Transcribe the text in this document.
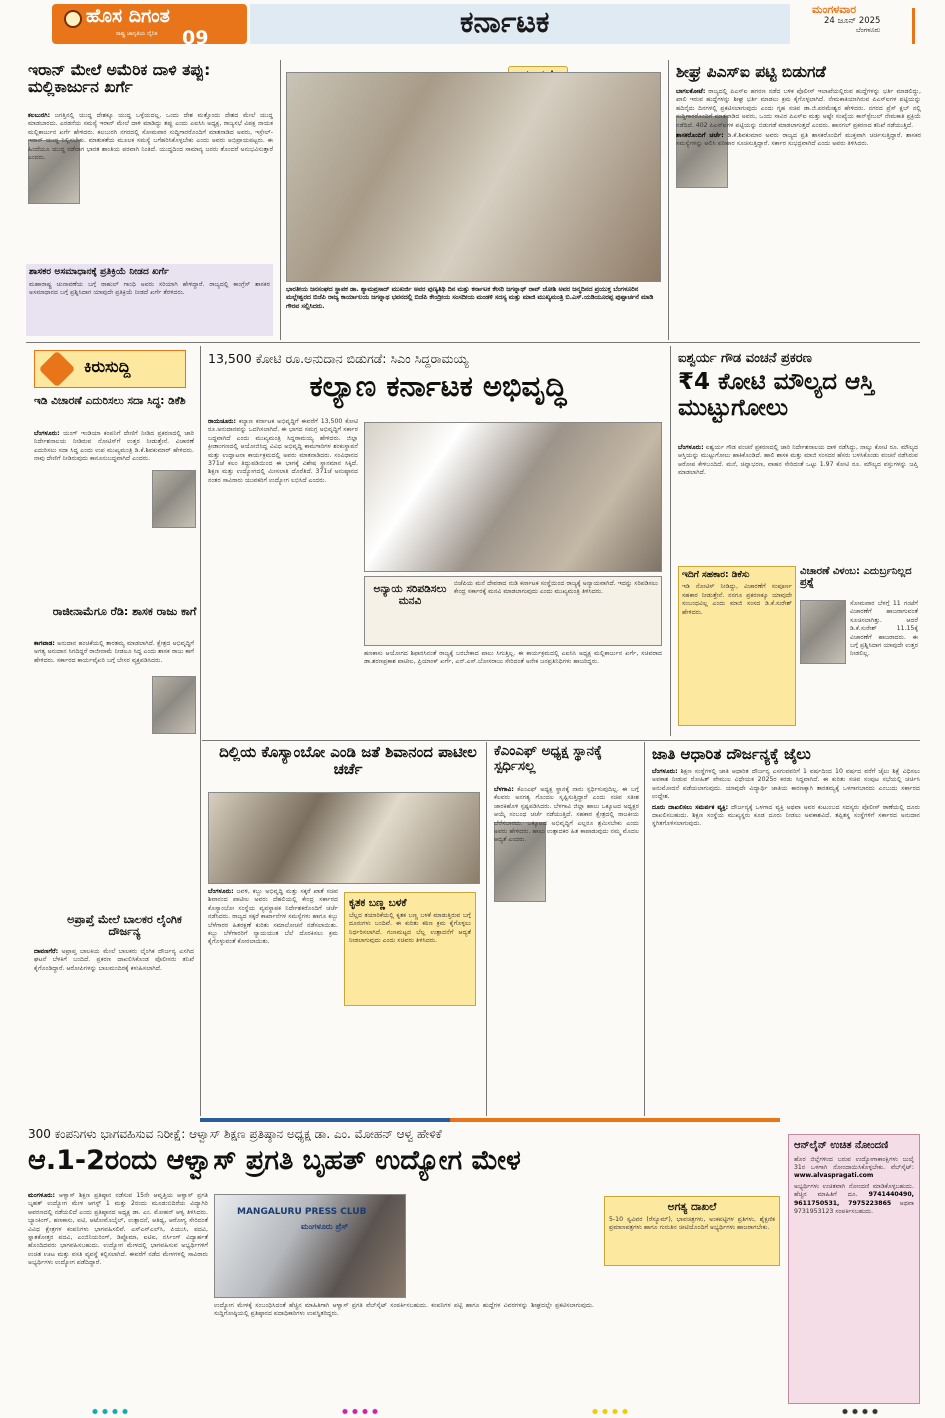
ಹೊಸ ದಿಗಂತ
ರಾಷ್ಟ್ರ ಜಾಗೃತಿಯ ದೈನಿಕ 09	ಕರ್ನಾಟಕ	ಮಂಗಳವಾರ
24 ಜೂನ್ 2025
ಬೆಂಗಳೂರು
ಇರಾನ್ ಮೇಲೆ ಅಮೆರಿಕ ದಾಳಿ ತಪ್ಪು: ಮಲ್ಲಿಕಾರ್ಜುನ ಖರ್ಗೆ

ಕಲಬುರಗಿ: ಜಗತ್ತಿನಲ್ಲಿ ಯುದ್ಧ ದೇಶಕ್ಕೂ ಯುದ್ಧ ಒಳ್ಳೆಯದಲ್ಲ. ಒಂದು ದೇಶ ಮತ್ತೊಂದು ದೇಶದ ಮೇಲೆ ಯುದ್ಧ ಮಾಡಬಾರದು. ಎರಡನೆಯ ಸಮಸ್ಯೆ ಇರಾನ್ ಮೇಲೆ ದಾಳಿ ಮಾಡಿದ್ದು ತಪ್ಪು ಎಂದು ಎಐಸಿಸಿ ಅಧ್ಯಕ್ಷ, ರಾಜ್ಯಸಭೆ ವಿಪಕ್ಷ ನಾಯಕ ಮಲ್ಲಿಕಾರ್ಜುನ ಖರ್ಗೆ ಹೇಳಿದರು. ಕಲಬುರಗಿ ನಗರದಲ್ಲಿ ಸೋಮವಾರ ಸುದ್ದಿಗಾರರೊಂದಿಗೆ ಮಾತನಾಡಿದ ಅವರು, ಇಸ್ರೇಲ್-ಇರಾನ್ ಯುದ್ಧ ನಿಲ್ಲಿಸಬೇಕು. ಮಾತುಕತೆಯ ಮೂಲಕ ಸಮಸ್ಯೆ ಬಗೆಹರಿಸಿಕೊಳ್ಳಬೇಕು ಎಂದು ಅವರು ಅಭಿಪ್ರಾಯಪಟ್ಟರು. ಈ ಹಿಂದೆಯೂ ಯುದ್ಧ ನಡೆದಾಗ ಭಾರತ ಶಾಂತಿಯ ಪರವಾಗಿ ನಿಂತಿದೆ. ಯುದ್ಧದಿಂದ ಸಾಮಾನ್ಯ ಜನರು ತೊಂದರೆ ಅನುಭವಿಸುತ್ತಾರೆ ಎಂದರು.

ಶಾಸಕರ ಅಸಮಾಧಾನಕ್ಕೆ ಪ್ರತಿಕ್ರಿಯೆ ನೀಡದ ಖರ್ಗೆ
ಮಹಾರಾಷ್ಟ್ರ ಚುನಾವಣೆಯ ಬಗ್ಗೆ ರಾಹುಲ್ ಗಾಂಧಿ ಅವರು ಸರಿಯಾಗಿ ಹೇಳಿದ್ದಾರೆ. ರಾಜ್ಯದಲ್ಲಿ ಕಾಂಗ್ರೆಸ್ ಶಾಸಕರ ಅಸಮಾಧಾನದ ಬಗ್ಗೆ ಪ್ರಶ್ನಿಸಿದಾಗ ಯಾವುದೇ ಪ್ರತಿಕ್ರಿಯೆ ನೀಡದೆ ಖರ್ಗೆ ತೆರಳಿದರು.	ಭಾರತೀಯ ಜನಸಂಘದ ಸ್ಥಾಪಕ ಡಾ. ಶ್ಯಾಮಪ್ರಸಾದ್ ಮುಖರ್ಜಿ ಅವರ ಪುಣ್ಯತಿಥಿ ದಿನ ಮತ್ತು ಕರ್ನಾಟಕ ಕೇಸರಿ ಜಗನ್ನಾಥ್ ರಾವ್ ಜೋಶಿ ಅವರ ಜನ್ಮದಿನದ ಪ್ರಯುಕ್ತ ಬೆಂಗಳೂರಿನ ಮಲ್ಲೇಶ್ವರದ ಬಿಜೆಪಿ ರಾಜ್ಯ ಕಾರ್ಯಾಲಯ ಜಗನ್ನಾಥ ಭವನದಲ್ಲಿ ಬಿಜೆಪಿ ಕೇಂದ್ರೀಯ ಸಂಸದೀಯ ಮಂಡಳಿ ಸದಸ್ಯ ಮತ್ತು ಮಾಜಿ ಮುಖ್ಯಮಂತ್ರಿ ಬಿ.ಎಸ್.ಯಡಿಯೂರಪ್ಪ ಪುಷ್ಪಾರ್ಚನೆ ಮಾಡಿ ಗೌರವ ಸಲ್ಲಿಸಿದರು.
ಶೀಘ್ರ ಪಿಎಸ್‌ಐ ಪಟ್ಟಿ ಬಿಡುಗಡೆ

ಬಾಗಲಕೋಟೆ: ರಾಜ್ಯದಲ್ಲಿ ಪಿಎಸ್‌ಐ ಹಗರಣ ನಡೆದ ಬಳಿಕ ಪೊಲೀಸ್ ಇಲಾಖೆಯಲ್ಲಿರುವ ಹುದ್ದೆಗಳನ್ನು ಭರ್ತಿ ಮಾಡಲಿದ್ದು, ಖಾಲಿ ಇರುವ ಹುದ್ದೆಗಳನ್ನು ಶೀಘ್ರ ಭರ್ತಿ ಮಾಡಲು ಕ್ರಮ ಕೈಗೊಳ್ಳಲಾಗಿದೆ. ನೇಮಕಾತಿಯಾಗಿರುವ ಪಿಎಸ್‌ಐಗಳ ಪಟ್ಟಿಯನ್ನು ಹದಿನೈದು ದಿನಗಳಲ್ಲಿ ಪ್ರಕಟಿಸಲಾಗುವುದು ಎಂದು ಗೃಹ ಸಚಿವ ಡಾ.ಜಿ.ಪರಮೇಶ್ವರ ಹೇಳಿದರು. ನಗರದ ಪ್ರೆಸ್ ಕ್ಲಬ್ ನಲ್ಲಿ ಸುದ್ದಿಗಾರರೊಂದಿಗೆ ಮಾತನಾಡಿದ ಅವರು, ಒಂದು ಸಾವಿರ ಪಿಎಸ್‌ಐ ಮತ್ತು ಅಷ್ಟೇ ಸಂಖ್ಯೆಯ ಕಾನ್‌ಸ್ಟೇಬಲ್ ನೇಮಕಾತಿ ಪ್ರಕ್ರಿಯೆ ನಡೆದಿದೆ. 402 ಪಿಎಸ್‌ಐಗಳ ಪಟ್ಟಿಯನ್ನು ಬಿಡುಗಡೆ ಮಾಡಲಾಗುತ್ತದೆ ಎಂದರು. ಹಾನಗಲ್ ಪ್ರಕರಣದ ತನಿಖೆ ನಡೆಯುತ್ತಿದೆ.

ಶಾಸಕರೊಂದಿಗೆ ಚರ್ಚೆ: ಡಿ.ಕೆ.ಶಿವಕುಮಾರ ಅವರು ರಾಜ್ಯದ ಪ್ರತಿ ಶಾಸಕರೊಂದಿಗೆ ಮುಕ್ತವಾಗಿ ಚರ್ಚಿಸುತ್ತಿದ್ದಾರೆ. ಶಾಸಕರ ಸಮಸ್ಯೆಗಳನ್ನು ಆಲಿಸಿ ಪರಿಹಾರ ಸೂಚಿಸುತ್ತಿದ್ದಾರೆ. ಸರ್ಕಾರ ಸುಭದ್ರವಾಗಿದೆ ಎಂದು ಅವರು ತಿಳಿಸಿದರು.

ಕಿರುಸುದ್ದಿ
ಇಡಿ ವಿಚಾರಣೆ ಎದುರಿಸಲು ಸದಾ ಸಿದ್ಧ: ಡಿಕೆಶಿ

ಬೆಂಗಳೂರು: ಯಂಗ್ ಇಂಡಿಯಾ ಕಂಪನಿಗೆ ದೇಣಿಗೆ ನೀಡಿದ ಪ್ರಕರಣದಲ್ಲಿ ಜಾರಿ ನಿರ್ದೇಶನಾಲಯ ನೀಡಿರುವ ನೋಟಿಸ್‌ಗೆ ಉತ್ತರ ನೀಡುತ್ತೇನೆ. ವಿಚಾರಣೆ ಎದುರಿಸಲು ಸದಾ ಸಿದ್ಧ ಎಂದು ಉಪ ಮುಖ್ಯಮಂತ್ರಿ ಡಿ.ಕೆ.ಶಿವಕುಮಾರ್ ಹೇಳಿದರು. ನಾವು ದೇಣಿಗೆ ನೀಡಿರುವುದು ಕಾನೂನುಬದ್ಧವಾಗಿದೆ ಎಂದರು.

ರಾಜೀನಾಮೆಗೂ ರೆಡಿ: ಶಾಸಕ ರಾಜು ಕಾಗೆ

ಕಾಗವಾಡ: ಅನುದಾನ ಹಂಚಿಕೆಯಲ್ಲಿ ತಾರತಮ್ಯ ಮಾಡಲಾಗಿದೆ. ಕ್ಷೇತ್ರದ ಅಭಿವೃದ್ಧಿಗೆ ಅಗತ್ಯ ಅನುದಾನ ಸಿಗದಿದ್ದರೆ ರಾಜೀನಾಮೆ ನೀಡಲೂ ಸಿದ್ಧ ಎಂದು ಶಾಸಕ ರಾಜು ಕಾಗೆ ಹೇಳಿದರು. ಸರ್ಕಾರದ ಕಾರ್ಯವೈಖರಿ ಬಗ್ಗೆ ಬೇಸರ ವ್ಯಕ್ತಪಡಿಸಿದರು.

ಅಪ್ರಾಪ್ತೆ ಮೇಲೆ ಬಾಲಕರ ಲೈಂಗಿಕ ದೌರ್ಜನ್ಯ

ದಾವಣಗೆರೆ: ಅಪ್ರಾಪ್ತ ಬಾಲಕಿಯ ಮೇಲೆ ಬಾಲಕರು ಲೈಂಗಿಕ ದೌರ್ಜನ್ಯ ಎಸಗಿದ ಘಟನೆ ಬೆಳಕಿಗೆ ಬಂದಿದೆ. ಪ್ರಕರಣ ದಾಖಲಿಸಿಕೊಂಡ ಪೊಲೀಸರು ತನಿಖೆ ಕೈಗೊಂಡಿದ್ದಾರೆ. ಆರೋಪಿಗಳನ್ನು ಬಾಲಮಂದಿರಕ್ಕೆ ಕಳುಹಿಸಲಾಗಿದೆ.

13,500 ಕೋಟಿ ರೂ.ಅನುದಾನ ಬಿಡುಗಡೆ: ಸಿಎಂ ಸಿದ್ದರಾಮಯ್ಯ
ಕಲ್ಯಾಣ ಕರ್ನಾಟಕ ಅಭಿವೃದ್ಧಿ

ರಾಯಚೂರು: ಕಲ್ಯಾಣ ಕರ್ನಾಟಕ ಅಭಿವೃದ್ಧಿಗೆ ಈವರೆಗೆ 13,500 ಕೋಟಿ ರೂ.ಅನುದಾನವನ್ನು ಒದಗಿಸಲಾಗಿದೆ. ಈ ಭಾಗದ ಸಮಗ್ರ ಅಭಿವೃದ್ಧಿಗೆ ಸರ್ಕಾರ ಬದ್ಧವಾಗಿದೆ ಎಂದು ಮುಖ್ಯಮಂತ್ರಿ ಸಿದ್ದರಾಮಯ್ಯ ಹೇಳಿದರು. ಜಿಲ್ಲಾ ಕ್ರೀಡಾಂಗಣದಲ್ಲಿ ಆಯೋಜಿಸಿದ್ದ ವಿವಿಧ ಅಭಿವೃದ್ಧಿ ಕಾಮಗಾರಿಗಳ ಶಂಕುಸ್ಥಾಪನೆ ಮತ್ತು ಉದ್ಘಾಟನಾ ಕಾರ್ಯಕ್ರಮದಲ್ಲಿ ಅವರು ಮಾತನಾಡಿದರು. ಸಂವಿಧಾನದ 371ಜೆ ಕಲಂ ತಿದ್ದುಪಡಿಯಿಂದ ಈ ಭಾಗಕ್ಕೆ ವಿಶೇಷ ಸ್ಥಾನಮಾನ ಸಿಕ್ಕಿದೆ. ಶಿಕ್ಷಣ ಮತ್ತು ಉದ್ಯೋಗದಲ್ಲಿ ಮೀಸಲಾತಿ ದೊರೆತಿದೆ. 371ಜೆ ಅನುಷ್ಠಾನದ ನಂತರ ಸಾವಿರಾರು ಯುವಕರಿಗೆ ಉದ್ಯೋಗ ಲಭಿಸಿದೆ ಎಂದರು.

ಅನ್ಯಾಯ ಸರಿಪಡಿಸಲು ಮನವಿ
ಬಿಜೆಪಿಯ ಮನೆ ದೇವರಾದ ನುಡಿ ಕರ್ನಾಟಕ ಸಂಸ್ಥೆಯಿಂದ ರಾಜ್ಯಕ್ಕೆ ಅನ್ಯಾಯವಾಗಿದೆ. ಇದನ್ನು ಸರಿಪಡಿಸಲು ಕೇಂದ್ರ ಸರ್ಕಾರಕ್ಕೆ ಮನವಿ ಮಾಡಲಾಗುವುದು ಎಂದು ಮುಖ್ಯಮಂತ್ರಿ ತಿಳಿಸಿದರು.
ಹಣಕಾಸು ಆಯೋಗದ ಶಿಫಾರಸಿನಂತೆ ರಾಜ್ಯಕ್ಕೆ ಬರಬೇಕಾದ ಪಾಲು ಸಿಗುತ್ತಿಲ್ಲ. ಈ ಕಾರ್ಯಕ್ರಮದಲ್ಲಿ ಎಐಸಿಸಿ ಅಧ್ಯಕ್ಷ ಮಲ್ಲಿಕಾರ್ಜುನ ಖರ್ಗೆ, ಸಚಿವರಾದ ಡಾ.ಶರಣಪ್ರಕಾಶ ಪಾಟೀಲ, ಪ್ರಿಯಾಂಕ್ ಖರ್ಗೆ, ಎನ್.ಎಸ್.ಬೋಸರಾಜು ಸೇರಿದಂತೆ ಅನೇಕ ಜನಪ್ರತಿನಿಧಿಗಳು ಹಾಜರಿದ್ದರು.
ಐಶ್ವರ್ಯ ಗೌಡ ವಂಚನೆ ಪ್ರಕರಣ
₹4 ಕೋಟಿ ಮೌಲ್ಯದ ಆಸ್ತಿ ಮುಟ್ಟುಗೋಲು

ಬೆಂಗಳೂರು: ಐಶ್ವರ್ಯ ಗೌಡ ವಂಚನೆ ಪ್ರಕರಣದಲ್ಲಿ ಜಾರಿ ನಿರ್ದೇಶನಾಲಯ ದಾಳಿ ನಡೆಸಿದ್ದು, ನಾಲ್ಕು ಕೋಟಿ ರೂ. ಮೌಲ್ಯದ ಆಸ್ತಿಯನ್ನು ಮುಟ್ಟುಗೋಲು ಹಾಕಿಕೊಂಡಿದೆ. ಹಾಲಿ ಶಾಸಕ ಮತ್ತು ಮಾಜಿ ಸಂಸದರ ಹೆಸರು ಬಳಸಿಕೊಂಡು ವಂಚನೆ ನಡೆಸಿರುವ ಆರೋಪ ಕೇಳಿಬಂದಿದೆ. ಮನೆ, ಚಿನ್ನಾಭರಣ, ವಾಹನ ಸೇರಿದಂತೆ ಒಟ್ಟು 1.97 ಕೋಟಿ ರೂ. ಮೌಲ್ಯದ ವಸ್ತುಗಳನ್ನು ಜಪ್ತಿ ಮಾಡಲಾಗಿದೆ.

ಇದಿಗೆ ಸಹಕಾರ: ಡಿಕೆಸು
ಇಡಿ ನೋಟಿಸ್ ನೀಡಿದ್ದು, ವಿಚಾರಣೆಗೆ ಸಂಪೂರ್ಣ ಸಹಕಾರ ನೀಡುತ್ತೇನೆ. ನನಗೂ ಪ್ರಕರಣಕ್ಕೂ ಯಾವುದೇ ಸಂಬಂಧವಿಲ್ಲ ಎಂದು ಮಾಜಿ ಸಂಸದ ಡಿ.ಕೆ.ಸುರೇಶ್ ಹೇಳಿದರು.
ವಿಚಾರಣೆ ವಿಳಂಬ: ಎದುರ್ಬ್ರನಿಲ್ಲದ ಪ್ರಶ್ನೆ
ಸೋಮವಾರ ಬೆಳಗ್ಗೆ 11 ಗಂಟೆಗೆ ವಿಚಾರಣೆಗೆ ಹಾಜರಾಗುವಂತೆ ಸೂಚಿಸಲಾಗಿತ್ತು. ಆದರೆ ಡಿ.ಕೆ.ಸುರೇಶ್ 11.15ಕ್ಕೆ ವಿಚಾರಣೆಗೆ ಹಾಜರಾದರು. ಈ ಬಗ್ಗೆ ಪ್ರಶ್ನಿಸಿದಾಗ ಯಾವುದೇ ಉತ್ತರ ನೀಡಲಿಲ್ಲ.
ದಿಲ್ಲಿಯ ಕೊಸ್ಯಾಂಬೋ ಎಂಡಿ ಜತೆ ಶಿವಾನಂದ ಪಾಟೀಲ ಚರ್ಚೆ

ಬೆಂಗಳೂರು: ಜವಳಿ, ಕಬ್ಬು ಅಭಿವೃದ್ಧಿ ಮತ್ತು ಸಕ್ಕರೆ ಖಾತೆ ಸಚಿವ ಶಿವಾನಂದ ಪಾಟೀಲ ಅವರು ದೆಹಲಿಯಲ್ಲಿ ಕೇಂದ್ರ ಸರ್ಕಾರದ ಕೊಸ್ಯಾಂಬೋ ಸಂಸ್ಥೆಯ ವ್ಯವಸ್ಥಾಪಕ ನಿರ್ದೇಶಕರೊಂದಿಗೆ ಚರ್ಚೆ ನಡೆಸಿದರು. ರಾಜ್ಯದ ಸಕ್ಕರೆ ಕಾರ್ಖಾನೆಗಳ ಸಮಸ್ಯೆಗಳು ಹಾಗೂ ಕಬ್ಬು ಬೆಳೆಗಾರರ ಹಿತರಕ್ಷಣೆ ಕುರಿತು ಸಮಾಲೋಚನೆ ನಡೆಸಲಾಯಿತು. ಕಬ್ಬು ಬೆಳೆಗಾರರಿಗೆ ನ್ಯಾಯಯುತ ಬೆಲೆ ದೊರಕಿಸಲು ಕ್ರಮ ಕೈಗೊಳ್ಳುವಂತೆ ಕೋರಲಾಯಿತು.

ಕೃತಕ ಬಣ್ಣ ಬಳಕೆ
ಬೆಲ್ಲದ ತಯಾರಿಕೆಯಲ್ಲಿ ಕೃತಕ ಬಣ್ಣ ಬಳಕೆ ಮಾಡುತ್ತಿರುವ ಬಗ್ಗೆ ದೂರುಗಳು ಬಂದಿವೆ. ಈ ಕುರಿತು ಕಠಿಣ ಕ್ರಮ ಕೈಗೊಳ್ಳಲು ನಿರ್ಧರಿಸಲಾಗಿದೆ. ಗುಣಮಟ್ಟದ ಬೆಲ್ಲ ಉತ್ಪಾದನೆಗೆ ಆದ್ಯತೆ ನೀಡಲಾಗುವುದು ಎಂದು ಸಚಿವರು ತಿಳಿಸಿದರು.
ಕೆಎಂಎಫ್ ಅಧ್ಯಕ್ಷ ಸ್ಥಾನಕ್ಕೆ ಸ್ಪರ್ಧಿಸಲ್ಲ

ಬೆಳಗಾವಿ: ಕೆಎಂಎಫ್ ಅಧ್ಯಕ್ಷ ಸ್ಥಾನಕ್ಕೆ ನಾನು ಸ್ಪರ್ಧಿಸುವುದಿಲ್ಲ. ಈ ಬಗ್ಗೆ ಕೆಲವರು ಅನಗತ್ಯ ಗೊಂದಲ ಸೃಷ್ಟಿಸುತ್ತಿದ್ದಾರೆ ಎಂದು ಸಚಿವ ಸತೀಶ ಜಾರಕಿಹೊಳಿ ಸ್ಪಷ್ಟಪಡಿಸಿದರು. ಬೆಳಗಾವಿ ಜಿಲ್ಲಾ ಹಾಲು ಒಕ್ಕೂಟದ ಅಧ್ಯಕ್ಷರ ಆಯ್ಕೆ ಸಂಬಂಧ ಚರ್ಚೆ ನಡೆಯುತ್ತಿದೆ. ಸಹಕಾರ ಕ್ಷೇತ್ರದಲ್ಲಿ ರಾಜಕೀಯ ಬೆರೆಸಬಾರದು. ಒಕ್ಕೂಟದ ಅಭಿವೃದ್ಧಿಗೆ ಎಲ್ಲರೂ ಶ್ರಮಿಸಬೇಕು ಎಂದು ಅವರು ಹೇಳಿದರು. ಹಾಲು ಉತ್ಪಾದಕರ ಹಿತ ಕಾಪಾಡುವುದು ನಮ್ಮ ಮೊದಲ ಆದ್ಯತೆ ಎಂದರು.

ಜಾತಿ ಆಧಾರಿತ ದೌರ್ಜನ್ಯಕ್ಕೆ ಜೈಲು

ಬೆಂಗಳೂರು: ಶಿಕ್ಷಣ ಸಂಸ್ಥೆಗಳಲ್ಲಿ ಜಾತಿ ಆಧಾರಿತ ದೌರ್ಜನ್ಯ ಎಸಗುವವರಿಗೆ 1 ವರ್ಷದಿಂದ 10 ವರ್ಷದ ವರೆಗೆ ಜೈಲು ಶಿಕ್ಷೆ ವಿಧಿಸಲು ಅವಕಾಶ ನೀಡುವ ರೋಹಿತ್ ವೇಮುಲ ವಿಧೇಯಕ 2025ರ ಕರಡು ಸಿದ್ಧವಾಗಿದೆ. ಈ ಕುರಿತು ಸಚಿವ ಸಂಪುಟ ಸಭೆಯಲ್ಲಿ ಚರ್ಚಿಸಿ ಅನುಮೋದನೆ ಪಡೆಯಲಾಗುವುದು. ಯಾವುದೇ ವಿದ್ಯಾರ್ಥಿ ಜಾತಿಯ ಕಾರಣಕ್ಕಾಗಿ ತಾರತಮ್ಯಕ್ಕೆ ಒಳಗಾಗಬಾರದು ಎಂಬುದು ಸರ್ಕಾರದ ಉದ್ದೇಶ.

ದೂರು ದಾಖಲಿಸಲು ಸಮರ್ಪಕ ವ್ಯಕ್ತಿ: ದೌರ್ಜನ್ಯಕ್ಕೆ ಒಳಗಾದ ವ್ಯಕ್ತಿ ಅಥವಾ ಅವರ ಕುಟುಂಬದ ಸದಸ್ಯರು ಪೊಲೀಸ್ ಠಾಣೆಯಲ್ಲಿ ದೂರು ದಾಖಲಿಸಬಹುದು. ಶಿಕ್ಷಣ ಸಂಸ್ಥೆಯ ಮುಖ್ಯಸ್ಥರು ಕೂಡ ದೂರು ನೀಡಲು ಅವಕಾಶವಿದೆ. ತಪ್ಪಿತಸ್ಥ ಸಂಸ್ಥೆಗಳಿಗೆ ಸರ್ಕಾರದ ಅನುದಾನ ಸ್ಥಗಿತಗೊಳಿಸಲಾಗುವುದು.

300 ಕಂಪನಿಗಳು ಭಾಗವಹಿಸುವ ನಿರೀಕ್ಷೆ: ಆಳ್ವಾಸ್ ಶಿಕ್ಷಣ ಪ್ರತಿಷ್ಠಾನ ಅಧ್ಯಕ್ಷ ಡಾ. ಎಂ. ಮೋಹನ್ ಆಳ್ವ ಹೇಳಿಕೆ
ಆ.1-2ರಂದು ಆಳ್ವಾಸ್ ಪ್ರಗತಿ ಬೃಹತ್ ಉದ್ಯೋಗ ಮೇಳ

ಮಂಗಳೂರು: ಆಳ್ವಾಸ್ ಶಿಕ್ಷಣ ಪ್ರತಿಷ್ಠಾನ ನಡೆಸುವ 15ನೇ ಆವೃತ್ತಿಯ ಆಳ್ವಾಸ್ ಪ್ರಗತಿ ಬೃಹತ್ ಉದ್ಯೋಗ ಮೇಳ ಆಗಸ್ಟ್ 1 ಮತ್ತು 2ರಂದು ಮೂಡುಬಿದಿರೆಯ ವಿದ್ಯಾಗಿರಿ ಆವರಣದಲ್ಲಿ ನಡೆಯಲಿದೆ ಎಂದು ಪ್ರತಿಷ್ಠಾನದ ಅಧ್ಯಕ್ಷ ಡಾ. ಎಂ. ಮೋಹನ್ ಆಳ್ವ ತಿಳಿಸಿದರು. ಬ್ಯಾಂಕಿಂಗ್, ಹಣಕಾಸು, ಐಟಿ, ಆಟೋಮೊಬೈಲ್, ಉತ್ಪಾದನೆ, ಆತಿಥ್ಯ, ಆರೋಗ್ಯ ಸೇರಿದಂತೆ ವಿವಿಧ ಕ್ಷೇತ್ರಗಳ ಕಂಪನಿಗಳು ಭಾಗವಹಿಸಲಿವೆ. ಎಸ್ಎಸ್ಎಲ್‌ಸಿ, ಪಿಯುಸಿ, ಪದವಿ, ಸ್ನಾತಕೋತ್ತರ ಪದವಿ, ಎಂಜಿನಿಯರಿಂಗ್, ಡಿಪ್ಲೊಮಾ, ಐಟಿಐ, ನರ್ಸಿಂಗ್ ವಿದ್ಯಾರ್ಹತೆ ಹೊಂದಿದವರು ಭಾಗವಹಿಸಬಹುದು. ಉದ್ಯೋಗ ಮೇಳದಲ್ಲಿ ಭಾಗವಹಿಸುವ ಅಭ್ಯರ್ಥಿಗಳಿಗೆ ಉಚಿತ ಊಟ ಮತ್ತು ವಸತಿ ವ್ಯವಸ್ಥೆ ಕಲ್ಪಿಸಲಾಗಿದೆ. ಈವರೆಗೆ ನಡೆದ ಮೇಳಗಳಲ್ಲಿ ಸಾವಿರಾರು ಅಭ್ಯರ್ಥಿಗಳು ಉದ್ಯೋಗ ಪಡೆದಿದ್ದಾರೆ.

MANGALURU PRESS CLUB
ಮಂಗಳೂರು ಪ್ರೆಸ್
ಉದ್ಯೋಗ ಮೇಳಕ್ಕೆ ಸಂಬಂಧಿಸಿದಂತೆ ಹೆಚ್ಚಿನ ಮಾಹಿತಿಗಾಗಿ ಆಳ್ವಾಸ್ ಪ್ರಗತಿ ವೆಬ್‌ಸೈಟ್ ಸಂಪರ್ಕಿಸಬಹುದು. ಕಂಪನಿಗಳ ಪಟ್ಟಿ ಹಾಗೂ ಹುದ್ದೆಗಳ ವಿವರಗಳನ್ನು ಶೀಘ್ರದಲ್ಲೇ ಪ್ರಕಟಿಸಲಾಗುವುದು. ಸುದ್ದಿಗೋಷ್ಠಿಯಲ್ಲಿ ಪ್ರತಿಷ್ಠಾನದ ಪದಾಧಿಕಾರಿಗಳು ಉಪಸ್ಥಿತರಿದ್ದರು.
ಅಗತ್ಯ ದಾಖಲೆ
5-10 ಸ್ವವಿವರ (ರೆಸ್ಯೂಮ್), ಭಾವಚಿತ್ರಗಳು, ಅಂಕಪಟ್ಟಿಗಳ ಪ್ರತಿಗಳು, ಶೈಕ್ಷಣಿಕ ಪ್ರಮಾಣಪತ್ರಗಳು ಹಾಗೂ ಗುರುತಿನ ಚೀಟಿಯೊಂದಿಗೆ ಅಭ್ಯರ್ಥಿಗಳು ಹಾಜರಾಗಬೇಕು.
ಆನ್‌ಲೈನ್ ಉಚಿತ ನೋಂದಣಿ

ಹೊರ ಜಿಲ್ಲೆಗಳಿಂದ ಬರುವ ಉದ್ಯೋಗಾಕಾಂಕ್ಷಿಗಳು ಜುಲೈ 31ರ ಒಳಗಾಗಿ ನೋಂದಾಯಿಸಿಕೊಳ್ಳಬೇಕು. ವೆಬ್‌ಸೈಟ್: www.alvaspragati.com

ಅಭ್ಯರ್ಥಿಗಳು ಉಚಿತವಾಗಿ ನೋಂದಣಿ ಮಾಡಿಕೊಳ್ಳಬಹುದು. ಹೆಚ್ಚಿನ ಮಾಹಿತಿಗೆ ದೂ. 9741440490, 9611750531, 7975223865 ಅಥವಾ 9731953123 ಸಂಪರ್ಕಿಸಬಹುದು.
